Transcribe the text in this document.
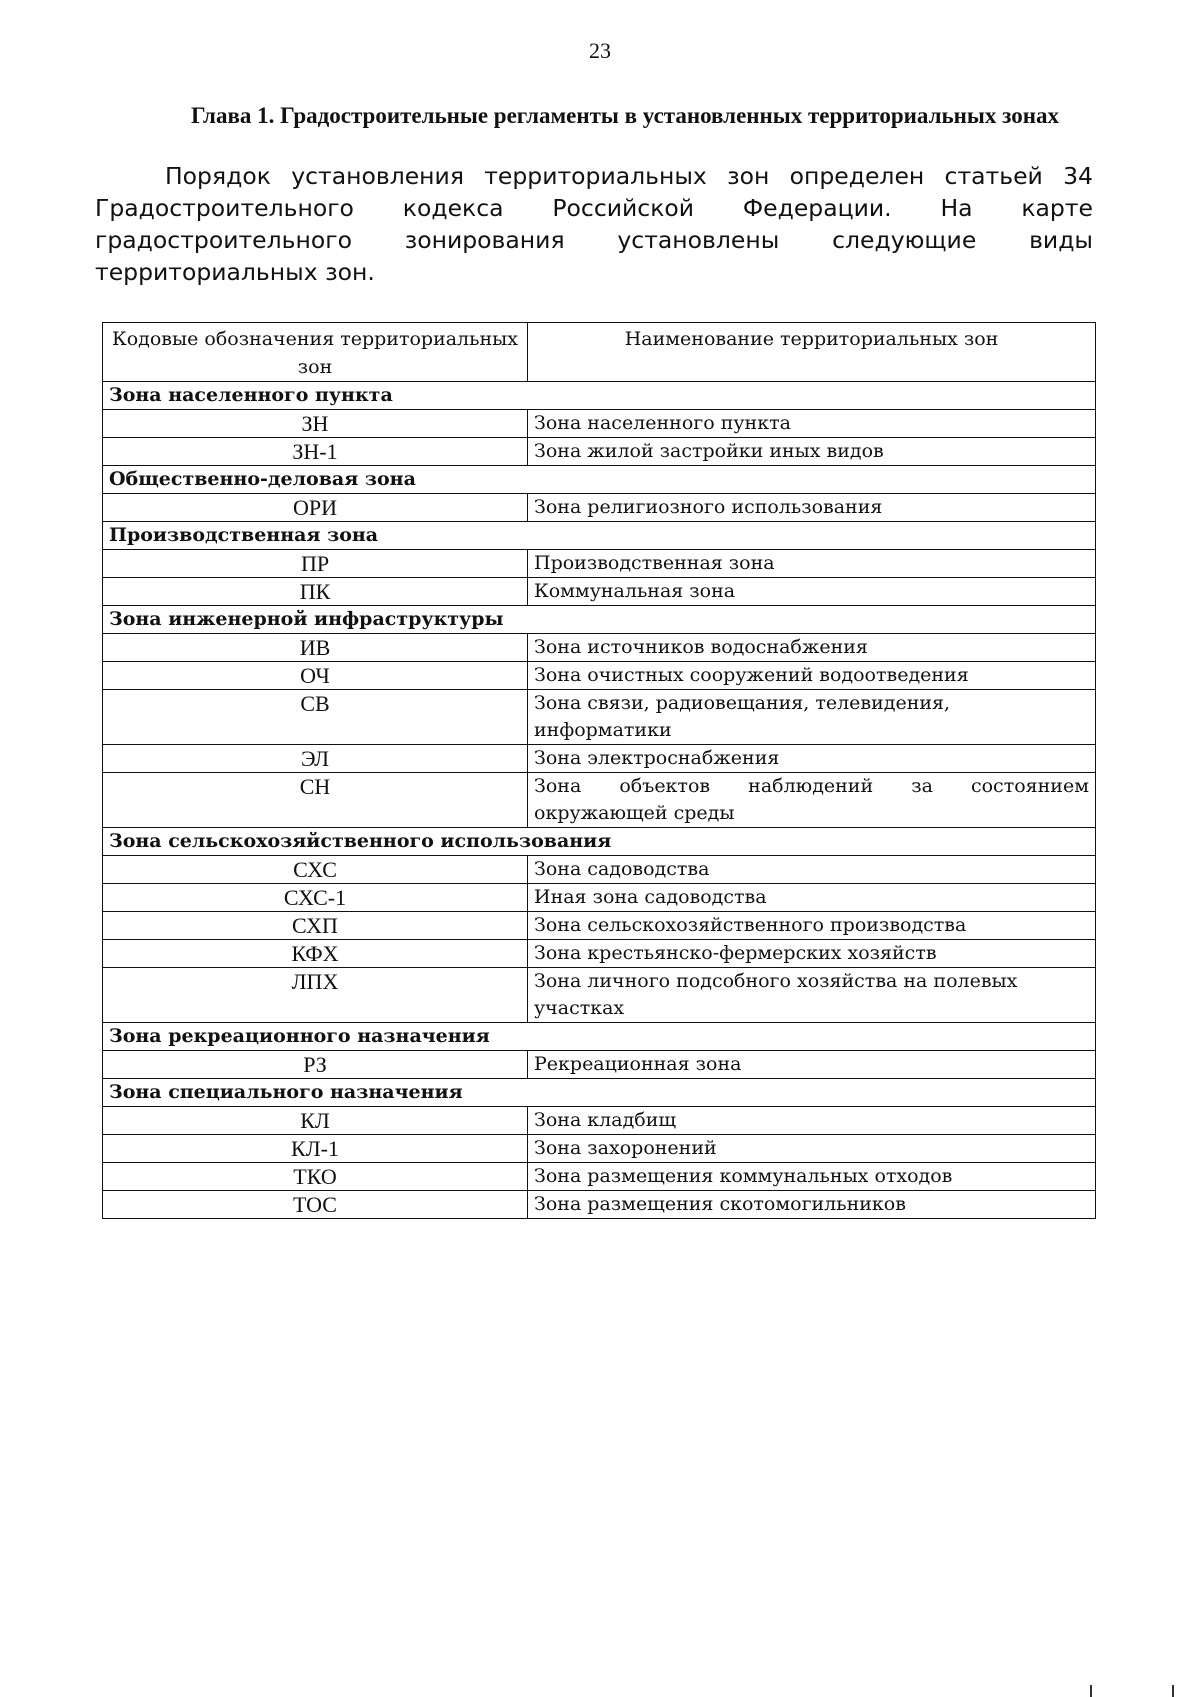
23
Глава 1. Градостроительные регламенты в установленных территориальных зонах

Порядок установления территориальных зон определен статьей 34 Градостроительного кодекса Российской Федерации. На карте градостроительного зонирования установлены следующие виды территориальных зон.

Кодовые обозначения территориальных зон	Наименование территориальных зон
Зона населенного пункта	
ЗН	Зона населенного пункта
ЗН-1	Зона жилой застройки иных видов
Общественно-деловая зона	
ОРИ	Зона религиозного использования
Производственная зона	
ПР	Производственная зона
ПК	Коммунальная зона
Зона инженерной инфраструктуры	
ИВ	Зона источников водоснабжения
ОЧ	Зона очистных сооружений водоотведения
СВ	Зона связи, радиовещания, телевидения, информатики
ЭЛ	Зона электроснабжения
СН	Зона объектов наблюдений за состоянием окружающей среды
Зона сельскохозяйственного использования	
СХС	Зона садоводства
СХС-1	Иная зона садоводства
СХП	Зона сельскохозяйственного производства
КФХ	Зона крестьянско-фермерских хозяйств
ЛПХ	Зона личного подсобного хозяйства на полевых участках
Зона рекреационного назначения	
РЗ	Рекреационная зона
Зона специального назначения	
КЛ	Зона кладбищ
КЛ-1	Зона захоронений
ТКО	Зона размещения коммунальных отходов
ТОС	Зона размещения скотомогильников
